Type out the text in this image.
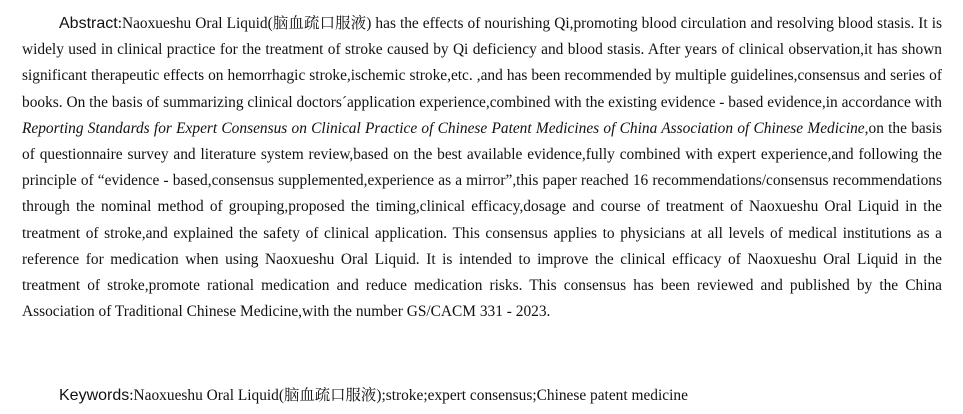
Abstract:Naoxueshu Oral Liquid(脑血疏口服液) has the effects of nourishing Qi,promoting blood circulation and resolving blood stasis. It is widely used in clinical practice for the treatment of stroke caused by Qi deficiency and blood stasis. After years of clinical observation,it has shown significant therapeutic effects on hemorrhagic stroke,ischemic stroke,etc. ,and has been recommended by multiple guidelines,consensus and series of books. On the basis of summarizing clinical doctors´application experience,combined with the existing evidence - based evidence,in accordance with Reporting Standards for Expert Consensus on Clinical Practice of Chinese Patent Medicines of China Association of Chinese Medicine,on the basis of questionnaire survey and literature system review,based on the best available evidence,fully combined with expert experience,and following the principle of “evidence - based,consensus supplemented,experience as a mirror”,this paper reached 16 recommendations/consensus recommendations through the nominal method of grouping,proposed the timing,clinical efficacy,dosage and course of treatment of Naoxueshu Oral Liquid in the treatment of stroke,and explained the safety of clinical application. This consensus applies to physicians at all levels of medical institutions as a reference for medication when using Naoxueshu Oral Liquid. It is intended to improve the clinical efficacy of Naoxueshu Oral Liquid in the treatment of stroke,promote rational medication and reduce medication risks. This consensus has been reviewed and published by the China Association of Traditional Chinese Medicine,with the number GS/CACM 331 - 2023.

Keywords:Naoxueshu Oral Liquid(脑血疏口服液);stroke;expert consensus;Chinese patent medicine
